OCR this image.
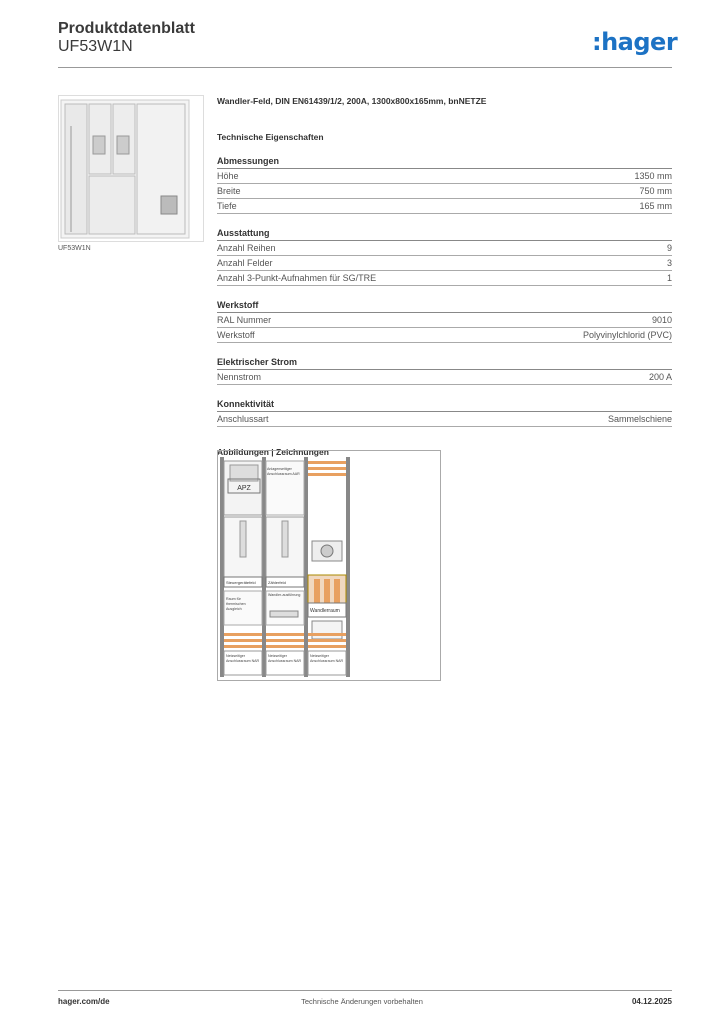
Produktdatenblatt
UF53W1N	:hager
UF53W1N
Wandler-Feld, DIN EN61439/1/2, 200A, 1300x800x165mm, bnNETZE
Technische Eigenschaften
Abmessungen
Höhe	1350 mm
Breite	750 mm
Tiefe	165 mm
Ausstattung
Anzahl Reihen	9
Anzahl Felder	3
Anzahl 3-Punkt-Aufnahmen für SG/TRE	1
Werkstoff
RAL Nummer	9010
Werkstoff	Polyvinylchlorid (PVC)
Elektrischer Strom
Nennstrom	200 A
Konnektivität
Anschlussart	Sammelschiene
Abbildungen | Zeichnungen
APZ
Anlagenseitiger Anschlussraum AAR
Steuergerätefeld	Zählerfeld
Wandlerraum
Raum für thermischen Ausgleich
Wandler-ausführung
Netzseitiger Anschlussraum NAR
Netzseitiger Anschlussraum NAR
Netzseitiger Anschlussraum NAR
hager.com/de	Technische Änderungen vorbehalten	04.12.2025
